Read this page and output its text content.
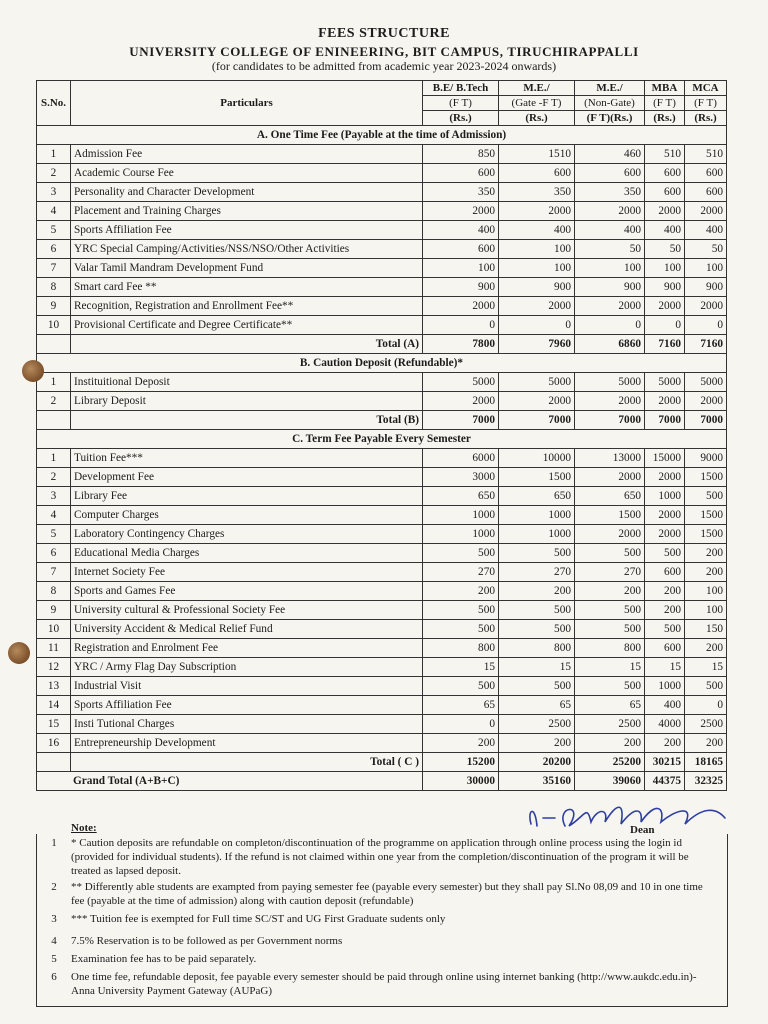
FEES STRUCTURE
UNIVERSITY COLLEGE OF ENINEERING, BIT CAMPUS, TIRUCHIRAPPALLI
(for candidates to be admitted from academic year 2023-2024 onwards)
S.No.	Particulars	B.E/ B.Tech	M.E./	M.E./	MBA	MCA
		(F T)	(Gate -F T)	(Non-Gate)	(F T)	(F T)
		(Rs.)	(Rs.)	(F T)(Rs.)	(Rs.)	(Rs.)
A. One Time Fee (Payable at the time of Admission)						
1	Admission Fee	850	1510	460	510	510
2	Academic Course Fee	600	600	600	600	600
3	Personality and Character Development	350	350	350	600	600
4	Placement and Training Charges	2000	2000	2000	2000	2000
5	Sports Affiliation Fee	400	400	400	400	400
6	YRC Special Camping/Activities/NSS/NSO/Other Activities	600	100	50	50	50
7	Valar Tamil Mandram Development Fund	100	100	100	100	100
8	Smart card Fee **	900	900	900	900	900
9	Recognition, Registration and Enrollment Fee**	2000	2000	2000	2000	2000
10	Provisional Certificate and Degree Certificate**	0	0	0	0	0
	Total (A)	7800	7960	6860	7160	7160
B. Caution Deposit (Refundable)*						
1	Instituitional Deposit	5000	5000	5000	5000	5000
2	Library Deposit	2000	2000	2000	2000	2000
	Total (B)	7000	7000	7000	7000	7000
C. Term Fee Payable Every Semester						
1	Tuition Fee***	6000	10000	13000	15000	9000
2	Development Fee	3000	1500	2000	2000	1500
3	Library Fee	650	650	650	1000	500
4	Computer Charges	1000	1000	1500	2000	1500
5	Laboratory Contingency Charges	1000	1000	2000	2000	1500
6	Educational Media Charges	500	500	500	500	200
7	Internet Society Fee	270	270	270	600	200
8	Sports and Games Fee	200	200	200	200	100
9	University cultural & Professional Society Fee	500	500	500	200	100
10	University Accident & Medical Relief Fund	500	500	500	500	150
11	Registration and Enrolment Fee	800	800	800	600	200
12	YRC / Army Flag Day Subscription	15	15	15	15	15
13	Industrial Visit	500	500	500	1000	500
14	Sports Affiliation Fee	65	65	65	400	0
15	Insti Tutional Charges	0	2500	2500	4000	2500
16	Entrepreneurship Development	200	200	200	200	200
	Total ( C )	15200	20200	25200	30215	18165
Grand Total (A+B+C)		30000	35160	39060	44375	32325
Dean
Note:
1	* Caution deposits are refundable on completon/discontinuation of the programme on application through online process using the login id (provided for individual students). If the refund is not claimed within one year from the completion/discontinuation of the program it will be treated as lapsed deposit.
2	** Differently able students are exampted from paying semester fee (payable every semester) but they shall pay Sl.No 08,09 and 10 in one time fee (payable at the time of admission) along with caution deposit (refundable)
3	*** Tuition fee is exempted for Full time SC/ST and UG First Graduate sudents only
4	7.5% Reservation is to be followed as per Government norms
5	Examination fee has to be paid separately.
6	One time fee, refundable deposit, fee payable every semester should be paid through online using internet banking (http://www.aukdc.edu.in)-Anna University Payment Gateway (AUPaG)
